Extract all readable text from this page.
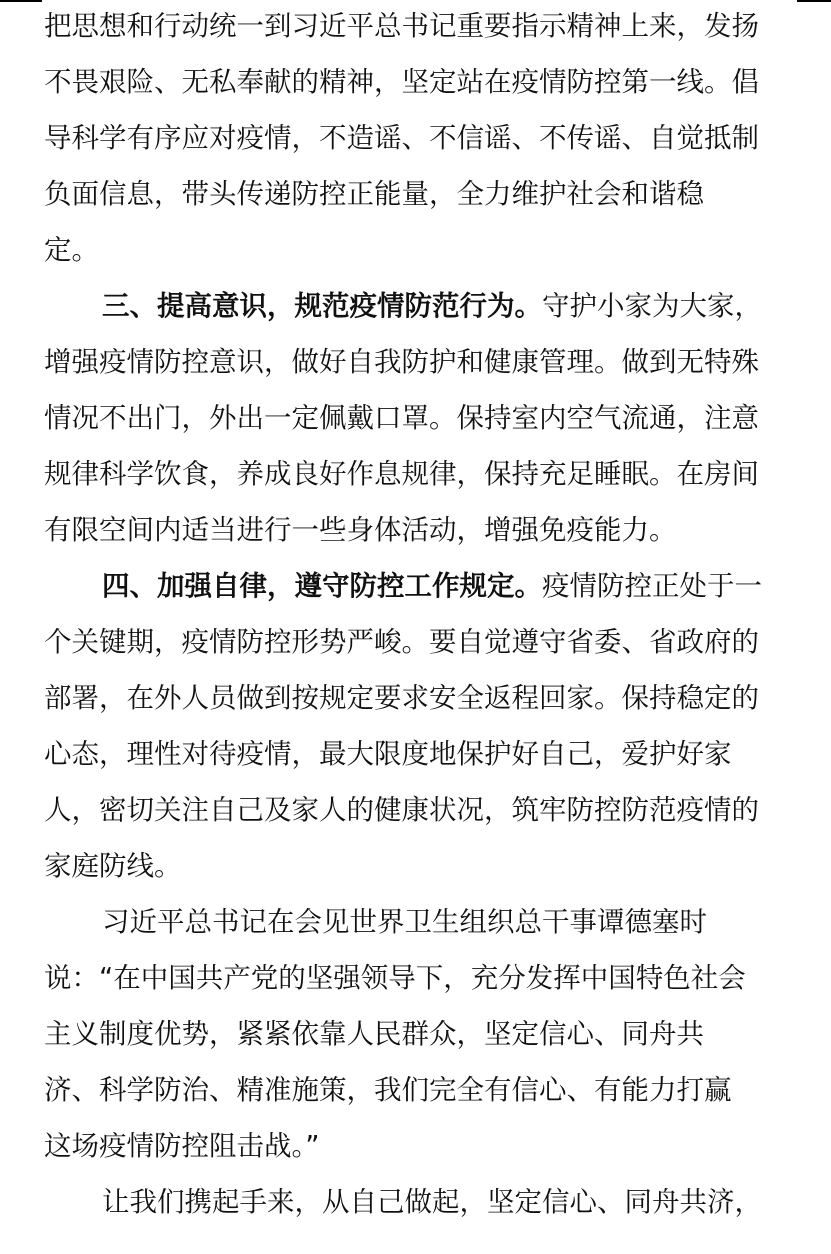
把思想和行动统一到习近平总书记重要指示精神上来，发扬
不畏艰险、无私奉献的精神，坚定站在疫情防控第一线。倡
导科学有序应对疫情，不造谣、不信谣、不传谣、自觉抵制
负面信息，带头传递防控正能量，全力维护社会和谐稳
定。
三、提高意识，规范疫情防范行为。守护小家为大家，
增强疫情防控意识，做好自我防护和健康管理。做到无特殊
情况不出门，外出一定佩戴口罩。保持室内空气流通，注意
规律科学饮食，养成良好作息规律，保持充足睡眠。在房间
有限空间内适当进行一些身体活动，增强免疫能力。
四、加强自律，遵守防控工作规定。疫情防控正处于一
个关键期，疫情防控形势严峻。要自觉遵守省委、省政府的
部署，在外人员做到按规定要求安全返程回家。保持稳定的
心态，理性对待疫情，最大限度地保护好自己，爱护好家
人，密切关注自己及家人的健康状况，筑牢防控防范疫情的
家庭防线。
习近平总书记在会见世界卫生组织总干事谭德塞时
说：“在中国共产党的坚强领导下，充分发挥中国特色社会
主义制度优势，紧紧依靠人民群众，坚定信心、同舟共
济、科学防治、精准施策，我们完全有信心、有能力打赢
这场疫情防控阻击战。”
让我们携起手来，从自己做起，坚定信心、同舟共济，
